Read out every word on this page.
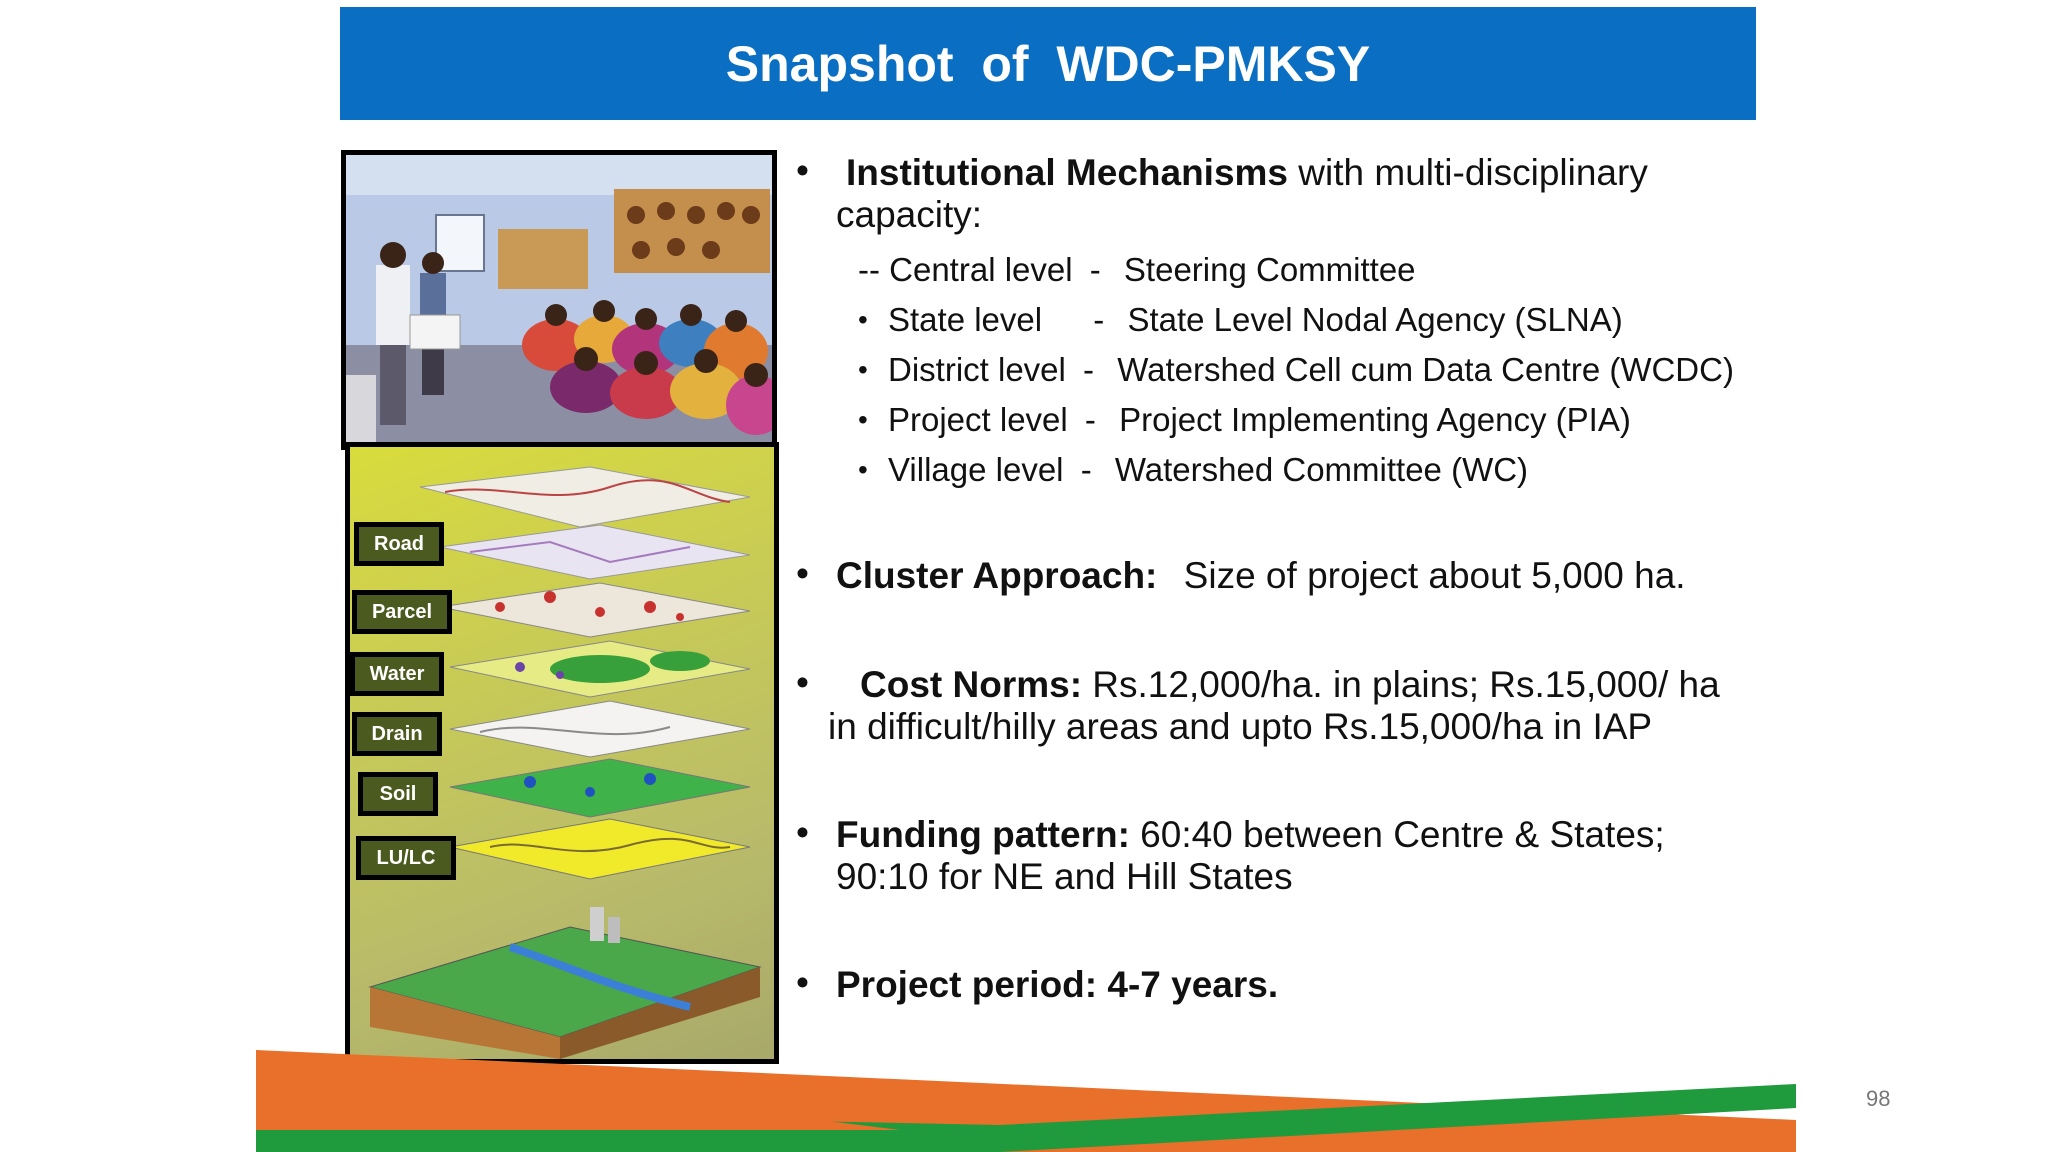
Snapshot  of  WDC-PMKSY
Road
Parcel
Water
Drain
Soil
LU/LC
• Institutional Mechanisms with multi-disciplinary
capacity:
-- Central level - Steering Committee
• State level - State Level Nodal Agency (SLNA)
• District level - Watershed Cell cum Data Centre (WCDC)
• Project level - Project Implementing Agency (PIA)
• Village level - Watershed Committee (WC)
• Cluster Approach: Size of project about 5,000 ha.
• Cost Norms: Rs.12,000/ha. in plains; Rs.15,000/ ha
in difficult/hilly areas and upto Rs.15,000/ha in IAP
• Funding pattern: 60:40 between Centre & States;
90:10 for NE and Hill States
• Project period: 4-7 years.
98
